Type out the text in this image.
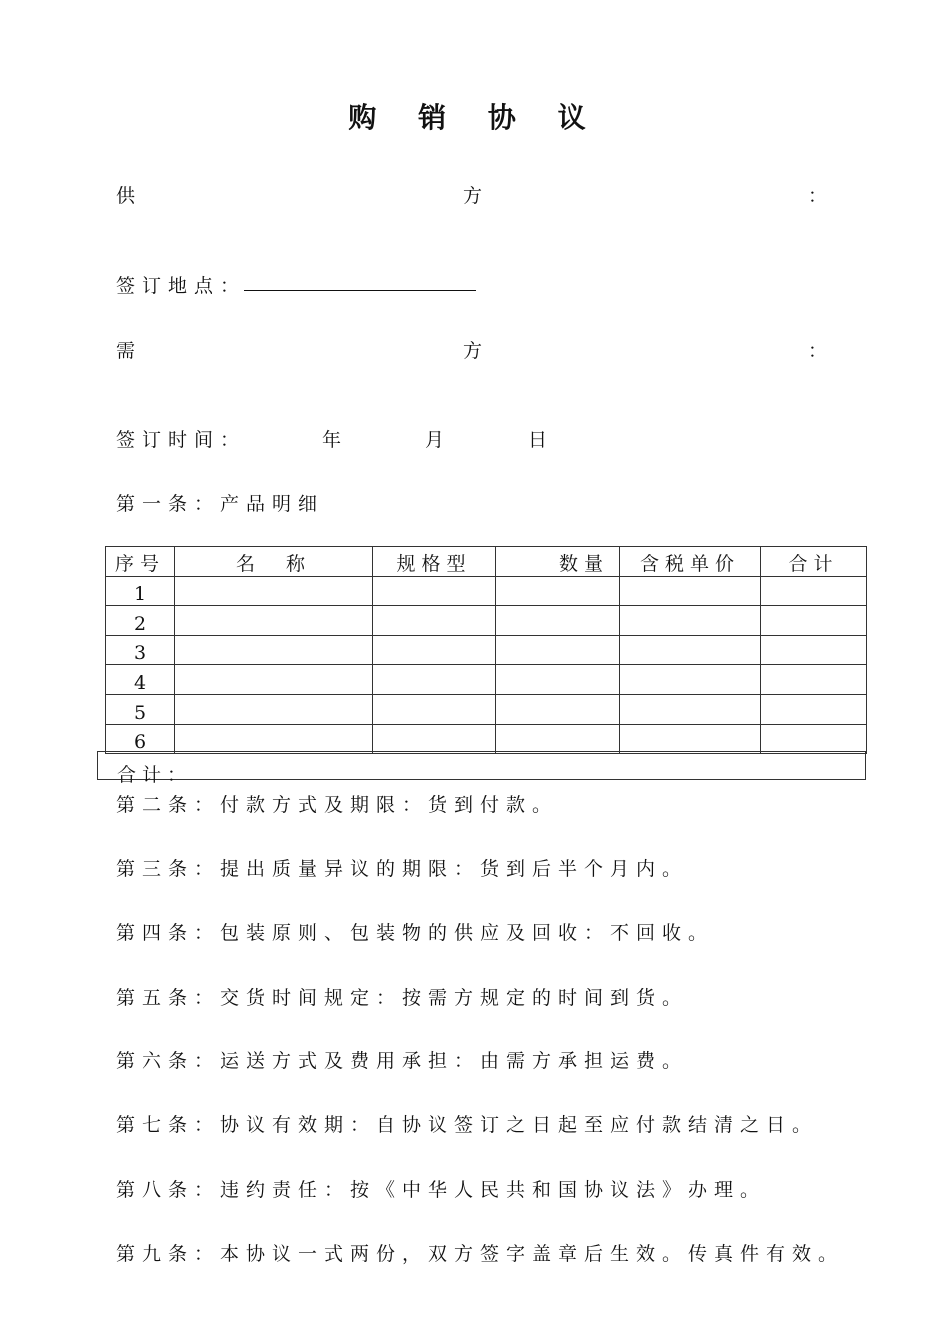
购 销 协 议
供	方	：
签订地点：
需	方	：
签订时间：	年	月	日
第一条：产品明细
序号	名　称	规格型	数量	含税单价	合计
1					
2					
3					
4					
5					
6					
合计：
第二条：付款方式及期限：货到付款。
第三条：提出质量异议的期限：货到后半个月内。
第四条：包装原则、包装物的供应及回收：不回收。
第五条：交货时间规定：按需方规定的时间到货。
第六条：运送方式及费用承担：由需方承担运费。
第七条：协议有效期：自协议签订之日起至应付款结清之日。
第八条：违约责任：按《中华人民共和国协议法》办理。
第九条：本协议一式两份，双方签字盖章后生效。传真件有效。
